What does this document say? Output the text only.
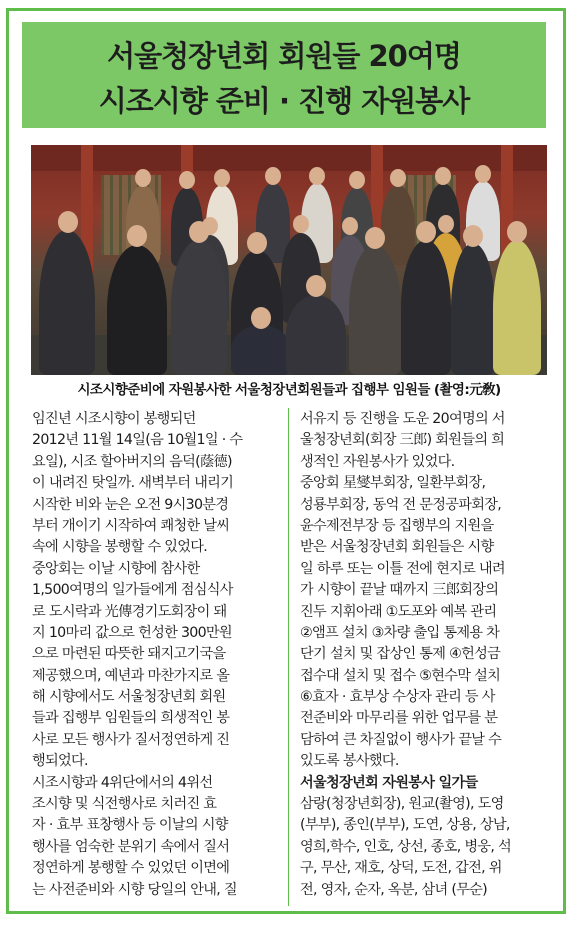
서울청장년회 회원들 20여명
시조시향 준비 · 진행 자원봉사
시조시향준비에 자원봉사한 서울청장년회원들과 집행부 임원들 (촬영:元敎)
임진년 시조시향이 봉행되던
2012년 11월 14일(음 10월1일 · 수
요일), 시조 할아버지의 음덕(蔭德)
이 내려진 탓일까. 새벽부터 내리기
시작한 비와 눈은 오전 9시30분경
부터 개이기 시작하여 쾌청한 날씨
속에 시향을 봉행할 수 있었다.
중앙회는 이날 시향에 참사한
1,500여명의 일가들에게 점심식사
로 도시락과 光傳경기도회장이 돼
지 10마리 값으로 헌성한 300만원
으로 마련된 따뜻한 돼지고기국을
제공했으며, 예년과 마찬가지로 올
해 시향에서도 서울청장년회 회원
들과 집행부 임원들의 희생적인 봉
사로 모든 행사가 질서정연하게 진
행되었다.
시조시향과 4위단에서의 4위선
조시향 및 식전행사로 치러진 효
자 · 효부 표창행사 등 이날의 시향
행사를 엄숙한 분위기 속에서 질서
정연하게 봉행할 수 있었던 이면에
는 사전준비와 시향 당일의 안내, 질
서유지 등 진행을 도운 20여명의 서
울청장년회(회장 三郎) 회원들의 희
생적인 자원봉사가 있었다.
중앙회 星燮부회장, 일환부회장,
성룡부회장, 동억 전 문정공파회장,
윤수제전부장 등 집행부의 지원을
받은 서울청장년회 회원들은 시향
일 하루 또는 이틀 전에 현지로 내려
가 시향이 끝날 때까지 三郎회장의
진두 지휘아래 ①도포와 예복 관리
②앰프 설치 ③차량 출입 통제용 차
단기 설치 및 잡상인 통제 ④헌성금
접수대 설치 및 접수 ⑤현수막 설치
⑥효자 · 효부상 수상자 관리 등 사
전준비와 마무리를 위한 업무를 분
담하여 큰 차질없이 행사가 끝날 수
있도록 봉사했다.
서울청장년회 자원봉사 일가들
삼랑(청장년회장), 원교(촬영), 도영
(부부), 종인(부부), 도연, 상용, 상남,
영희,학수, 인호, 상선, 종호, 병웅, 석
구, 무산, 재호, 상덕, 도전, 갑전, 위
전, 영자, 순자, 옥분, 삼녀 (무순)
